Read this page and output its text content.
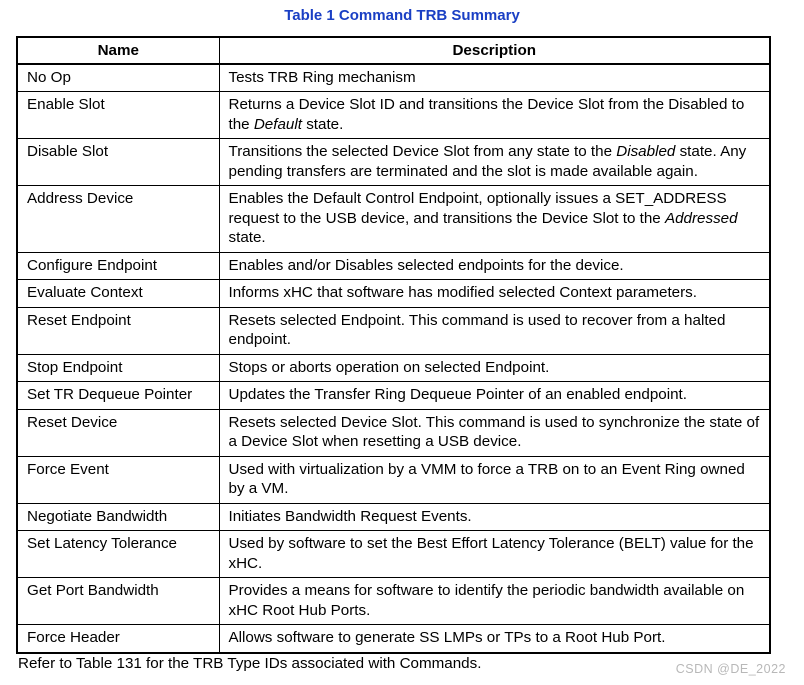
Table 1 Command TRB Summary
Name	Description
No Op	Tests TRB Ring mechanism
Enable Slot	Returns a Device Slot ID and transitions the Device Slot from the Disabled to the Default state.
Disable Slot	Transitions the selected Device Slot from any state to the Disabled state. Any pending transfers are terminated and the slot is made available again.
Address Device	Enables the Default Control Endpoint, optionally issues a SET_ADDRESS request to the USB device, and transitions the Device Slot to the Addressed state.
Configure Endpoint	Enables and/or Disables selected endpoints for the device.
Evaluate Context	Informs xHC that software has modified selected Context parameters.
Reset Endpoint	Resets selected Endpoint. This command is used to recover from a halted endpoint.
Stop Endpoint	Stops or aborts operation on selected Endpoint.
Set TR Dequeue Pointer	Updates the Transfer Ring Dequeue Pointer of an enabled endpoint.
Reset Device	Resets selected Device Slot. This command is used to synchronize the state of a Device Slot when resetting a USB device.
Force Event	Used with virtualization by a VMM to force a TRB on to an Event Ring owned by a VM.
Negotiate Bandwidth	Initiates Bandwidth Request Events.
Set Latency Tolerance	Used by software to set the Best Effort Latency Tolerance (BELT) value for the xHC.
Get Port Bandwidth	Provides a means for software to identify the periodic bandwidth available on xHC Root Hub Ports.
Force Header	Allows software to generate SS LMPs or TPs to a Root Hub Port.
Refer to Table 131 for the TRB Type IDs associated with Commands.	CSDN @DE_2022
